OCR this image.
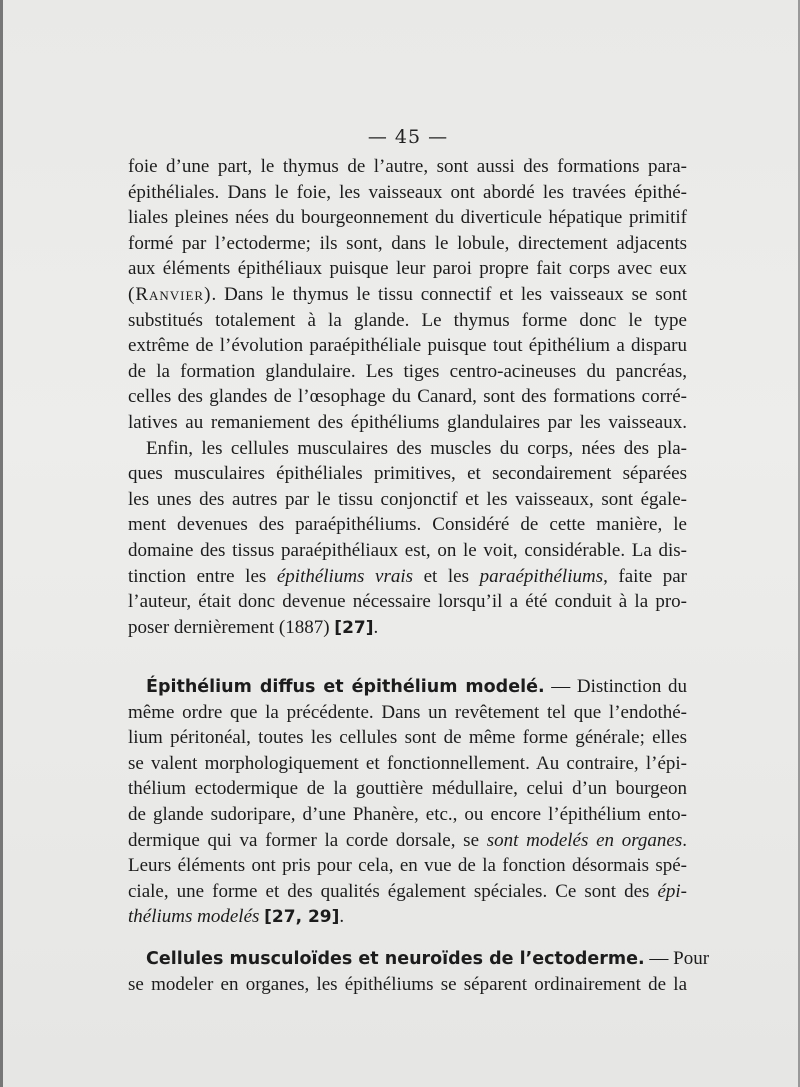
— 45 —
foie d’une part, le thymus de l’autre, sont aussi des formations para-
épithéliales. Dans le foie, les vaisseaux ont abordé les travées épithé-
liales pleines nées du bourgeonnement du diverticule hépatique primitif
formé par l’ectoderme; ils sont, dans le lobule, directement adjacents
aux éléments épithéliaux puisque leur paroi propre fait corps avec eux
(Ranvier). Dans le thymus le tissu connectif et les vaisseaux se sont
substitués totalement à la glande. Le thymus forme donc le type
extrême de l’évolution paraépithéliale puisque tout épithélium a disparu
de la formation glandulaire. Les tiges centro-acineuses du pancréas,
celles des glandes de l’œsophage du Canard, sont des formations corré-
latives au remaniement des épithéliums glandulaires par les vaisseaux.
Enfin, les cellules musculaires des muscles du corps, nées des pla-
ques musculaires épithéliales primitives, et secondairement séparées
les unes des autres par le tissu conjonctif et les vaisseaux, sont égale-
ment devenues des paraépithéliums. Considéré de cette manière, le
domaine des tissus paraépithéliaux est, on le voit, considérable. La dis-
tinction entre les épithéliums vrais et les paraépithéliums, faite par
l’auteur, était donc devenue nécessaire lorsqu’il a été conduit à la pro-
poser dernièrement (1887) [27].
Épithélium diffus et épithélium modelé. — Distinction du
même ordre que la précédente. Dans un revêtement tel que l’endothé-
lium péritonéal, toutes les cellules sont de même forme générale; elles
se valent morphologiquement et fonctionnellement. Au contraire, l’épi-
thélium ectodermique de la gouttière médullaire, celui d’un bourgeon
de glande sudoripare, d’une Phanère, etc., ou encore l’épithélium ento-
dermique qui va former la corde dorsale, se sont modelés en organes.
Leurs éléments ont pris pour cela, en vue de la fonction désormais spé-
ciale, une forme et des qualités également spéciales. Ce sont des épi-
théliums modelés [27, 29].
Cellules musculoïdes et neuroïdes de l’ectoderme. — Pour
se modeler en organes, les épithéliums se séparent ordinairement de la
